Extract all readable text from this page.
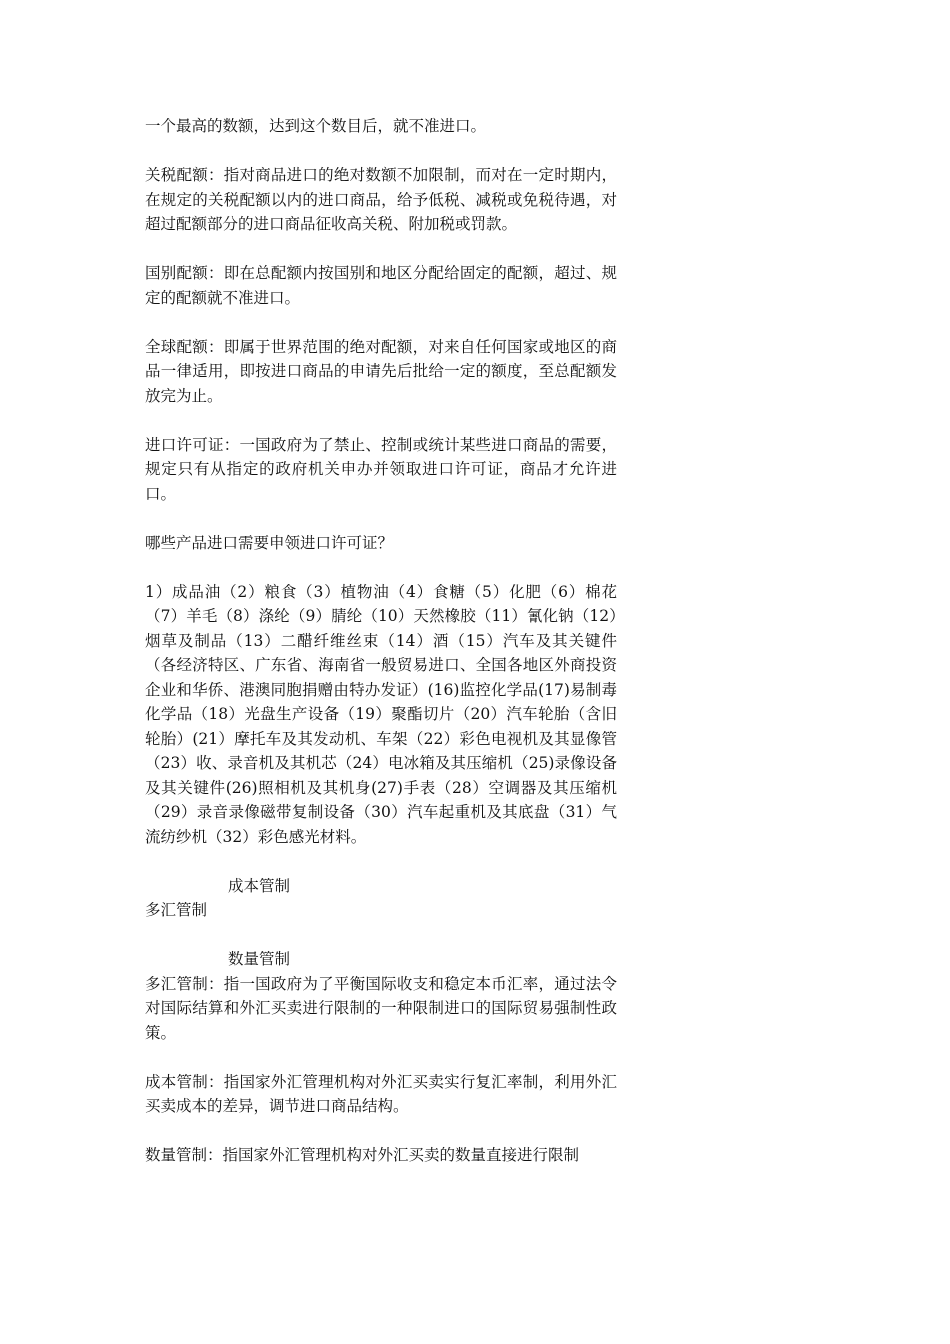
一个最高的数额，达到这个数目后，就不准进口。

关税配额：指对商品进口的绝对数额不加限制，而对在一定时期内，在规定的关税配额以内的进口商品，给予低税、减税或免税待遇，对超过配额部分的进口商品征收高关税、附加税或罚款。

国别配额：即在总配额内按国别和地区分配给固定的配额，超过、规定的配额就不准进口。

全球配额：即属于世界范围的绝对配额，对来自任何国家或地区的商品一律适用，即按进口商品的申请先后批给一定的额度，至总配额发放完为止。

进口许可证：一国政府为了禁止、控制或统计某些进口商品的需要，规定只有从指定的政府机关申办并领取进口许可证，商品才允许进口。

哪些产品进口需要申领进口许可证？

1）成品油（2）粮食（3）植物油（4）食糖（5）化肥（6）棉花（7）羊毛（8）涤纶（9）腈纶（10）天然橡胶（11）氰化钠（12）烟草及制品（13）二醋纤维丝束（14）酒（15）汽车及其关键件（各经济特区、广东省、海南省一般贸易进口、全国各地区外商投资企业和华侨、港澳同胞捐赠由特办发证）(16)监控化学品(17)易制毒化学品（18）光盘生产设备（19）聚酯切片（20）汽车轮胎（含旧轮胎）(21）摩托车及其发动机、车架（22）彩色电视机及其显像管（23）收、录音机及其机芯（24）电冰箱及其压缩机（25)录像设备及其关键件(26)照相机及其机身(27)手表（28）空调器及其压缩机（29）录音录像磁带复制设备（30）汽车起重机及其底盘（31）气流纺纱机（32）彩色感光材料。

成本管制

多汇管制

数量管制

多汇管制：指一国政府为了平衡国际收支和稳定本币汇率，通过法令对国际结算和外汇买卖进行限制的一种限制进口的国际贸易强制性政策。

成本管制：指国家外汇管理机构对外汇买卖实行复汇率制，利用外汇买卖成本的差异，调节进口商品结构。

数量管制：指国家外汇管理机构对外汇买卖的数量直接进行限制
